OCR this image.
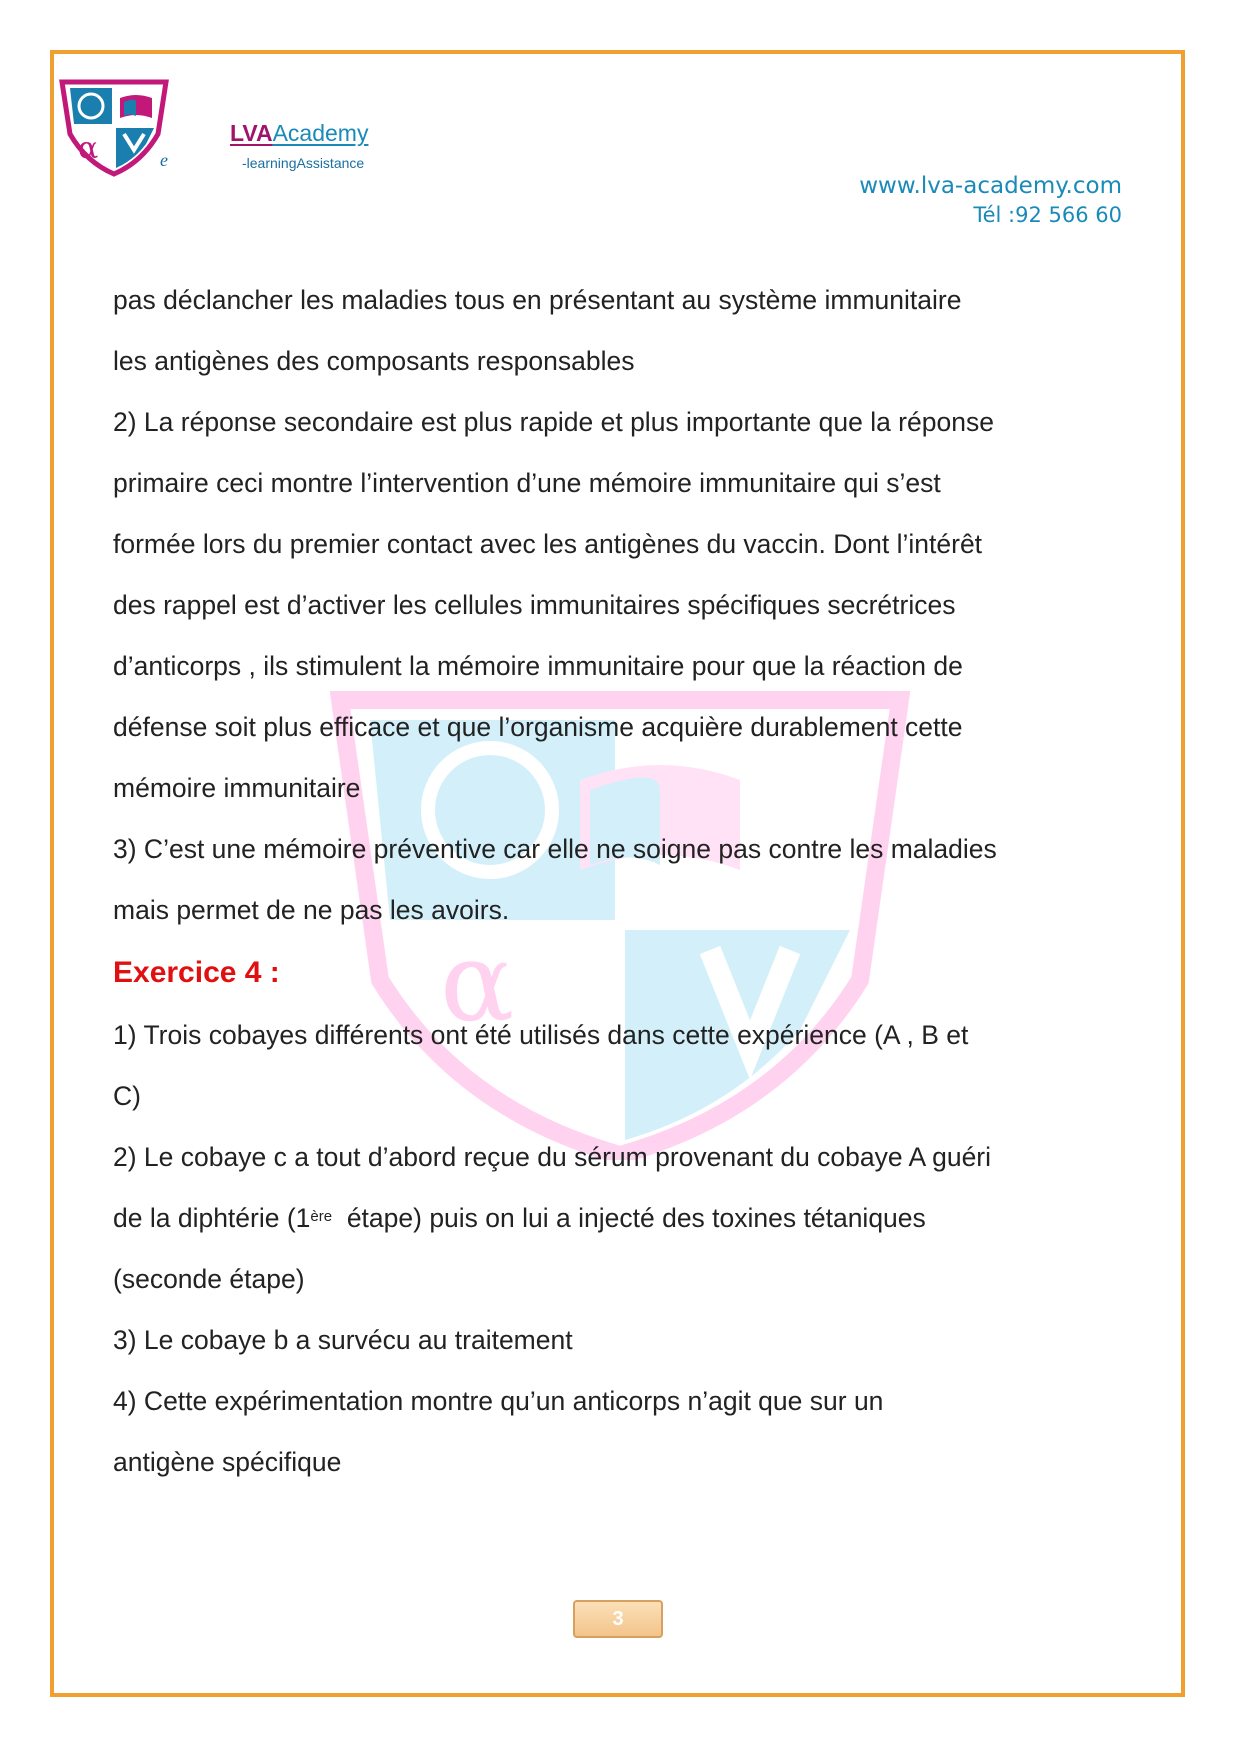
α
α	e
LVAAcademy
-learningAssistance
www.lva-academy.com
Tél :92 566 60

pas déclancher les maladies tous en présentant au système immunitaire

les antigènes des composants responsables

2) La réponse secondaire est plus rapide et plus importante que la réponse

primaire ceci montre l’intervention d’une mémoire immunitaire qui s’est

formée lors du premier contact avec les antigènes du vaccin. Dont l’intérêt

des rappel est d’activer les cellules immunitaires spécifiques secrétrices

d’anticorps , ils stimulent la mémoire immunitaire pour que la réaction de

défense soit plus efficace et que l’organisme acquière durablement cette

mémoire immunitaire

3) C’est une mémoire préventive car elle ne soigne pas contre les maladies

mais permet de ne pas les avoirs.

Exercice 4 :

1) Trois cobayes différents ont été utilisés dans cette expérience (A , B et

C)

2) Le cobaye c a tout d’abord reçue du sérum provenant du cobaye A guéri

de la diphtérie (1ère  étape) puis on lui a injecté des toxines tétaniques

(seconde étape)

3) Le cobaye b a survécu au traitement

4) Cette expérimentation montre qu’un anticorps n’agit que sur un

antigène spécifique

3
